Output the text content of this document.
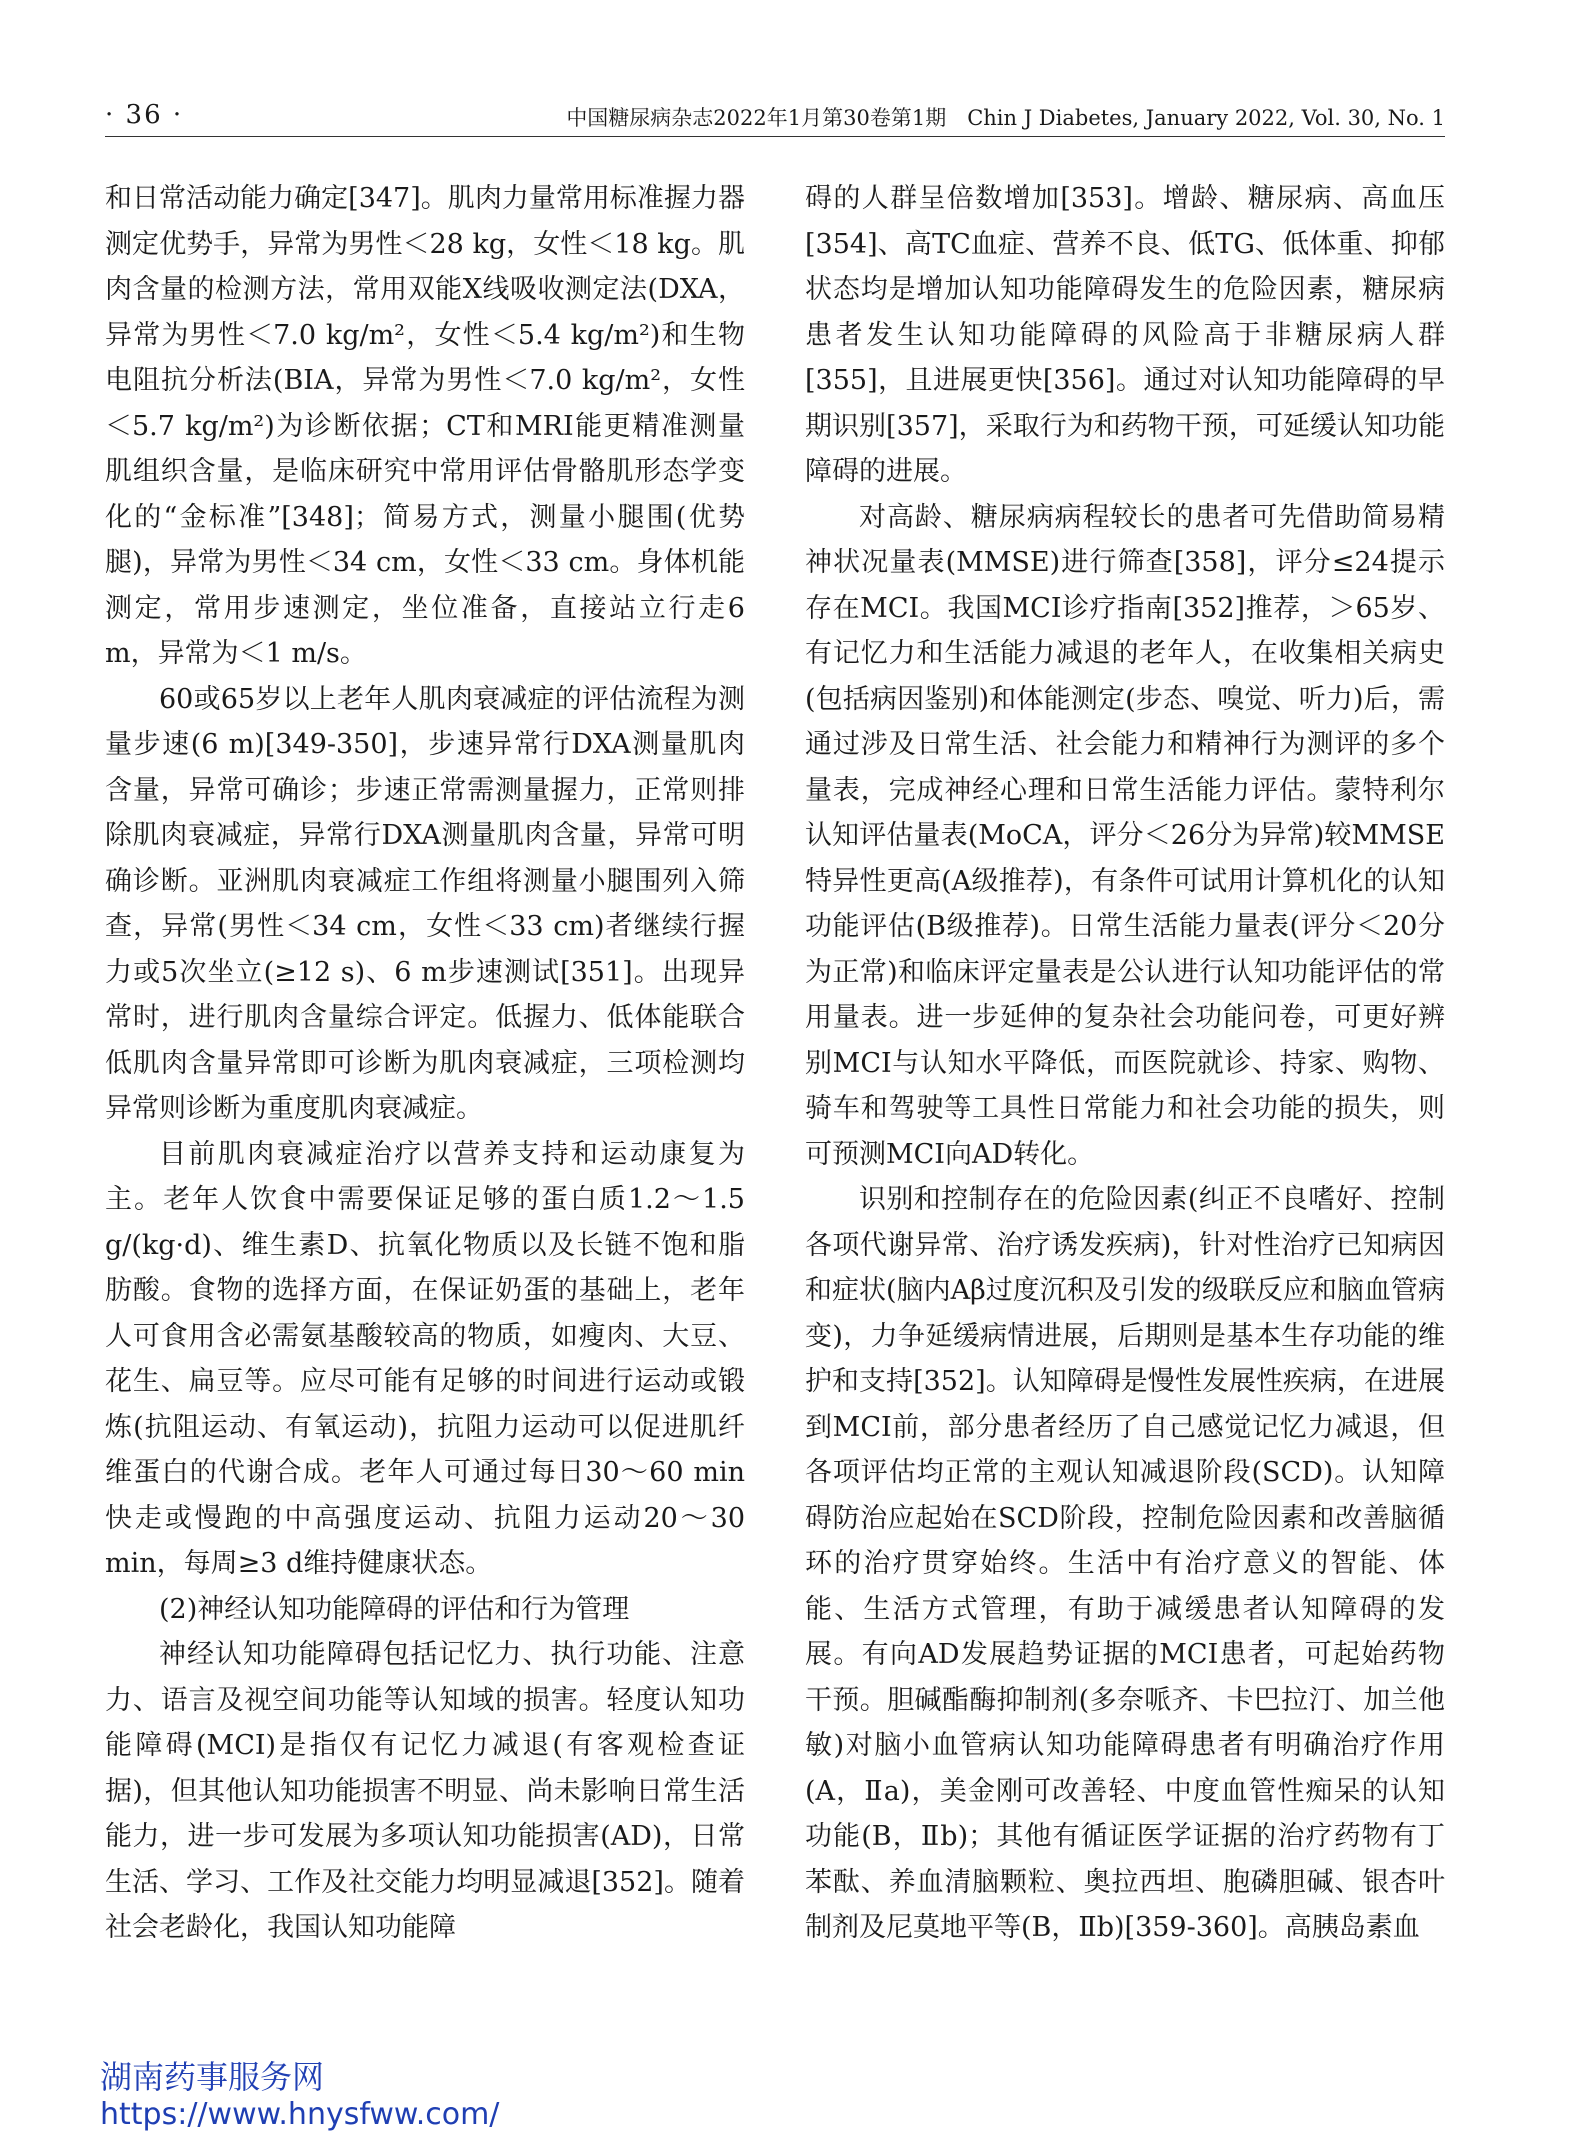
· 36 ·	中国糖尿病杂志2022年1月第30卷第1期　Chin J Diabetes, January 2022, Vol. 30, No. 1

和日常活动能力确定[347]。肌肉力量常用标准握力器测定优势手，异常为男性＜28 kg，女性＜18 kg。肌肉含量的检测方法，常用双能X线吸收测定法(DXA，异常为男性＜7.0 kg/m²，女性＜5.4 kg/m²)和生物电阻抗分析法(BIA，异常为男性＜7.0 kg/m²，女性＜5.7 kg/m²)为诊断依据；CT和MRI能更精准测量肌组织含量，是临床研究中常用评估骨骼肌形态学变化的“金标准”[348]；简易方式，测量小腿围(优势腿)，异常为男性＜34 cm，女性＜33 cm。身体机能测定，常用步速测定，坐位准备，直接站立行走6 m，异常为＜1 m/s。

60或65岁以上老年人肌肉衰减症的评估流程为测量步速(6 m)[349-350]，步速异常行DXA测量肌肉含量，异常可确诊；步速正常需测量握力，正常则排除肌肉衰减症，异常行DXA测量肌肉含量，异常可明确诊断。亚洲肌肉衰减症工作组将测量小腿围列入筛查，异常(男性＜34 cm，女性＜33 cm)者继续行握力或5次坐立(≥12 s)、6 m步速测试[351]。出现异常时，进行肌肉含量综合评定。低握力、低体能联合低肌肉含量异常即可诊断为肌肉衰减症，三项检测均异常则诊断为重度肌肉衰减症。

目前肌肉衰减症治疗以营养支持和运动康复为主。老年人饮食中需要保证足够的蛋白质1.2～1.5 g/(kg·d)、维生素D、抗氧化物质以及长链不饱和脂肪酸。食物的选择方面，在保证奶蛋的基础上，老年人可食用含必需氨基酸较高的物质，如瘦肉、大豆、花生、扁豆等。应尽可能有足够的时间进行运动或锻炼(抗阻运动、有氧运动)，抗阻力运动可以促进肌纤维蛋白的代谢合成。老年人可通过每日30～60 min快走或慢跑的中高强度运动、抗阻力运动20～30 min，每周≥3 d维持健康状态。

(2)神经认知功能障碍的评估和行为管理

神经认知功能障碍包括记忆力、执行功能、注意力、语言及视空间功能等认知域的损害。轻度认知功能障碍(MCI)是指仅有记忆力减退(有客观检查证据)，但其他认知功能损害不明显、尚未影响日常生活能力，进一步可发展为多项认知功能损害(AD)，日常生活、学习、工作及社交能力均明显减退[352]。随着社会老龄化，我国认知功能障

碍的人群呈倍数增加[353]。增龄、糖尿病、高血压[354]、高TC血症、营养不良、低TG、低体重、抑郁状态均是增加认知功能障碍发生的危险因素，糖尿病患者发生认知功能障碍的风险高于非糖尿病人群[355]，且进展更快[356]。通过对认知功能障碍的早期识别[357]，采取行为和药物干预，可延缓认知功能障碍的进展。

对高龄、糖尿病病程较长的患者可先借助简易精神状况量表(MMSE)进行筛查[358]，评分≤24提示存在MCI。我国MCI诊疗指南[352]推荐，＞65岁、有记忆力和生活能力减退的老年人，在收集相关病史(包括病因鉴别)和体能测定(步态、嗅觉、听力)后，需通过涉及日常生活、社会能力和精神行为测评的多个量表，完成神经心理和日常生活能力评估。蒙特利尔认知评估量表(MoCA，评分＜26分为异常)较MMSE特异性更高(A级推荐)，有条件可试用计算机化的认知功能评估(B级推荐)。日常生活能力量表(评分＜20分为正常)和临床评定量表是公认进行认知功能评估的常用量表。进一步延伸的复杂社会功能问卷，可更好辨别MCI与认知水平降低，而医院就诊、持家、购物、骑车和驾驶等工具性日常能力和社会功能的损失，则可预测MCI向AD转化。

识别和控制存在的危险因素(纠正不良嗜好、控制各项代谢异常、治疗诱发疾病)，针对性治疗已知病因和症状(脑内Aβ过度沉积及引发的级联反应和脑血管病变)，力争延缓病情进展，后期则是基本生存功能的维护和支持[352]。认知障碍是慢性发展性疾病，在进展到MCI前，部分患者经历了自己感觉记忆力减退，但各项评估均正常的主观认知减退阶段(SCD)。认知障碍防治应起始在SCD阶段，控制危险因素和改善脑循环的治疗贯穿始终。生活中有治疗意义的智能、体能、生活方式管理，有助于减缓患者认知障碍的发展。有向AD发展趋势证据的MCI患者，可起始药物干预。胆碱酯酶抑制剂(多奈哌齐、卡巴拉汀、加兰他敏)对脑小血管病认知功能障碍患者有明确治疗作用(A，Ⅱa)，美金刚可改善轻、中度血管性痴呆的认知功能(B，Ⅱb)；其他有循证医学证据的治疗药物有丁苯酞、养血清脑颗粒、奥拉西坦、胞磷胆碱、银杏叶制剂及尼莫地平等(B，Ⅱb)[359-360]。高胰岛素血

湖南药事服务网
https://www.hnysfww.com/
